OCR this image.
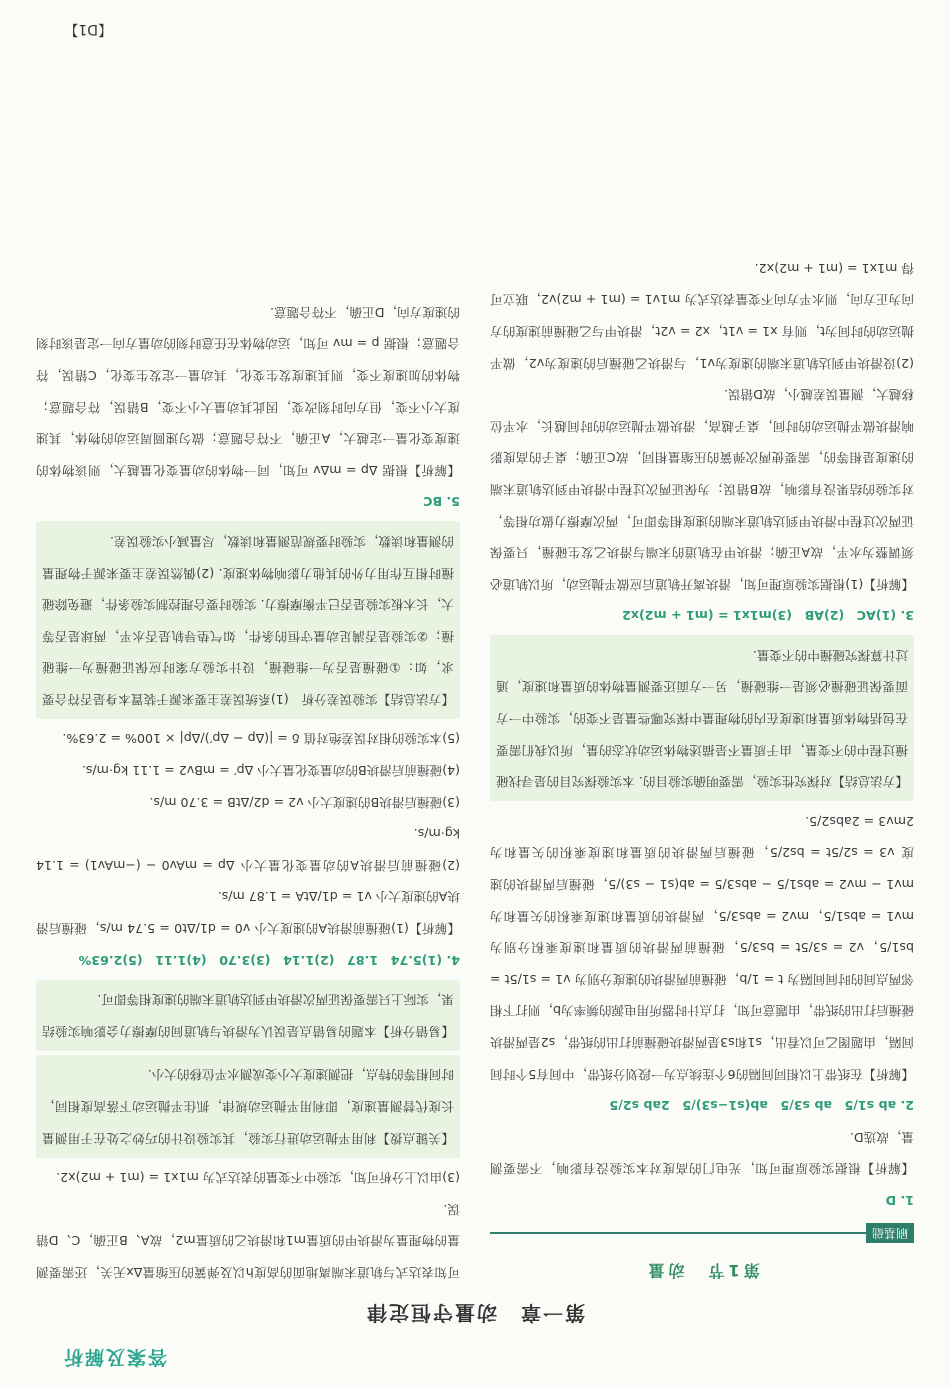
答案及解析
第一章　动量守恒定律
第1节　动量
刷基础

1. D

【解析】根据实验原理可知，光电门的高度对本实验没有影响，不需要测量，故选D.

2. ab s1/5　ab s3/5　ab(s1−s3)/5　2ab s2/5

【解析】在纸带上以相同间隔的6个连续点为一段划分纸带，中间有5个时间间隔，由题图乙可以看出，s1和s3是两滑块碰撞前打出的纸带，s2是两滑块碰撞后打出的纸带，由题意可知，打点计时器所用电源的频率为b，则打下相邻两点间的时间间隔为 t = 1/b，碰撞前两滑块的速度分别为 v1 = s1/5t = bs1/5，v2 = s3/5t = bs3/5，碰撞前两滑块的质量和速度乘积分别为 mv1 = abs1/5，mv2 = abs3/5，两滑块的质量和速度乘积的矢量和为 mv1 − mv2 = abs1/5 − abs3/5 = ab(s1 − s3)/5，碰撞后两滑块的速度 v3 = s2/5t = bs2/5，碰撞后两滑块的质量和速度乘积的矢量和为 2mv3 = 2abs2/5.

【方法总结】对探究性实验，需要明确实验目的. 本实验探究目的是寻找碰撞过程中的不变量，由于质量不是描述物体运动状态的量，所以我们需要在包括物体质量和速度在内的物理量中探究哪些量是不变的，实验中一方面要保证碰撞必须是一维碰撞，另一方面还要测量物体的质量和速度，通过计算探究碰撞中的不变量.

3. (1)AC　(2)AB　(3)m1x1 = (m1 + m2)x2

【解析】(1)根据实验原理可知，滑块离开轨道后应做平抛运动，所以轨道必须调整为水平，故A正确；滑块甲在轨道的末端与滑块乙发生碰撞，只要保证两次过程中滑块甲到达轨道末端的速度相等即可，两次摩擦力做功相等，对实验的结果没有影响，故B错误；为保证两次过程中滑块甲到达轨道末端的速度是相等的，需要使两次弹簧的压缩量相同，故C正确；桌子的高度影响滑块做平抛运动的时间，桌子越高，滑块做平抛运动的时间越长，水平位移越大，测量误差越小，故D错误.

(2)设滑块甲到达轨道末端的速度为v1，与滑块乙碰撞后的速度为v2，做平抛运动的时间为t，则有 x1 = v1t，x2 = v2t，滑块甲与乙碰撞前速度的方向为正方向，则水平方向不变量表达式为 m1v1 = (m1 + m2)v2，联立可得 m1x1 = (m1 + m2)x2.

可知表达式与轨道末端离地面的高度h以及弹簧的压缩量Δx无关，还需要测量的物理量为滑块甲的质量m1和滑块乙的质量m2，故A、B正确，C、D错误.

(3)由以上分析可知，实验中不变量的表达式为 m1x1 = (m1 + m2)x2.

【关键点拨】利用平抛运动进行实验，其实验设计的巧妙之处在于用测量长度代替测量速度，即利用平抛运动规律，抓住平抛运动下落高度相同，时间相等的特点，把测速度大小变成测水平位移的大小.

【易错分析】本题的易错点是误认为滑块与轨道间的摩擦力会影响实验结果，实际上只需要保证两次滑块甲到达轨道末端的速度相等即可.

4. (1)5.74　1.87　(2)1.14　(3)3.70　(4)1.11　(5)2.63%

【解析】(1)碰撞前滑块A的速度大小 v0 = d1/Δt0 = 5.74 m/s，碰撞后滑块A的速度大小 v1 = d1/ΔtA = 1.87 m/s.

(2)碰撞前后滑块A的动量变化量大小 Δp = mAv0 − (−mAv1) = 1.14 kg·m/s.

(3)碰撞后滑块B的速度大小 v2 = d2/ΔtB = 3.70 m/s.

(4)碰撞前后滑块B的动量变化量大小 Δp′ = mBv2 = 1.11 kg·m/s.

(5)本实验的相对误差绝对值 δ = |(Δp − Δp′)/Δp| × 100% = 2.63%.

【方法总结】实验误差分析　(1)系统误差主要来源于装置本身是否符合要求，如：①碰撞是否为一维碰撞，设计实验方案时应保证碰撞为一维碰撞；②实验是否满足动量守恒的条件，如气垫导轨是否水平，两球是否等大，长木板实验是否已平衡摩擦力. 实验时要合理控制实验条件，避免除碰撞时相互作用力外的其他力影响物体速度. (2)偶然误差主要来源于物理量的测量和读数，实验时要规范测量和读数，尽量减小实验误差.

5. BC

【解析】根据 Δp = mΔv 可知，同一物体的动量变化量越大，则该物体的速度变化量一定越大，A正确，不符合题意；做匀速圆周运动的物体，其速度大小不变，但方向时刻改变，因此其动量大小不变，B错误，符合题意；物体的加速度不变，则其速度发生变化，其动量一定发生变化，C错误，符合题意；根据 p = mv 可知，运动物体在任意时刻的动量方向一定是该时刻的速度方向，D正确，不符合题意.

【D1】
